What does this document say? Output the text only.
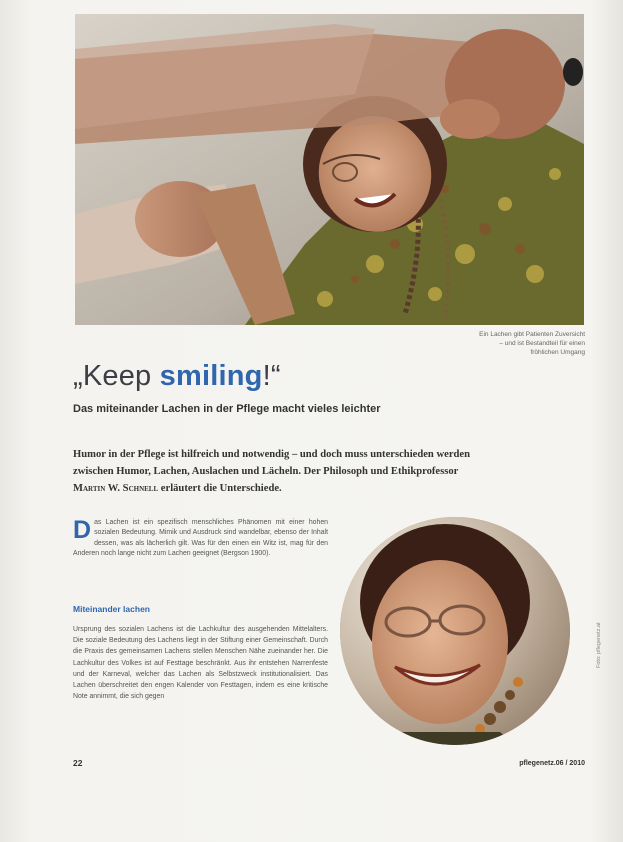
Ein Lachen gibt Patienten Zuversicht – und ist Bestandteil für einen fröhlichen Umgang
„Keep smiling!“
Das miteinander Lachen in der Pflege macht vieles leichter
Humor in der Pflege ist hilfreich und notwendig – und doch muss unterschieden werden zwischen Humor, Lachen, Auslachen und Lächeln. Der Philosoph und Ethikprofessor Martin W. Schnell erläutert die Unterschiede.
Das Lachen ist ein spezifisch menschliches Phänomen mit einer hohen sozialen Bedeutung. Mimik und Ausdruck sind wandelbar, ebenso der Inhalt dessen, was als lächerlich gilt. Was für den einen ein Witz ist, mag für den Anderen noch lange nicht zum Lachen geeignet (Bergson 1900).
Miteinander lachen
Ursprung des sozialen Lachens ist die Lachkultur des ausgehenden Mittelalters. Die soziale Bedeutung des Lachens liegt in der Stiftung einer Gemeinschaft. Durch die Praxis des gemeinsamen Lachens stellen Menschen Nähe zueinander her. Die Lachkultur des Volkes ist auf Festtage beschränkt. Aus ihr entstehen Narrenfeste und der Karneval, welcher das Lachen als Selbstzweck institutionalisiert. Das Lachen überschreitet den engen Kalender von Festtagen, indem es eine kritische Note annimmt, die sich gegen
Foto: pflegenetz.at
22	pflegenetz.06 / 2010
